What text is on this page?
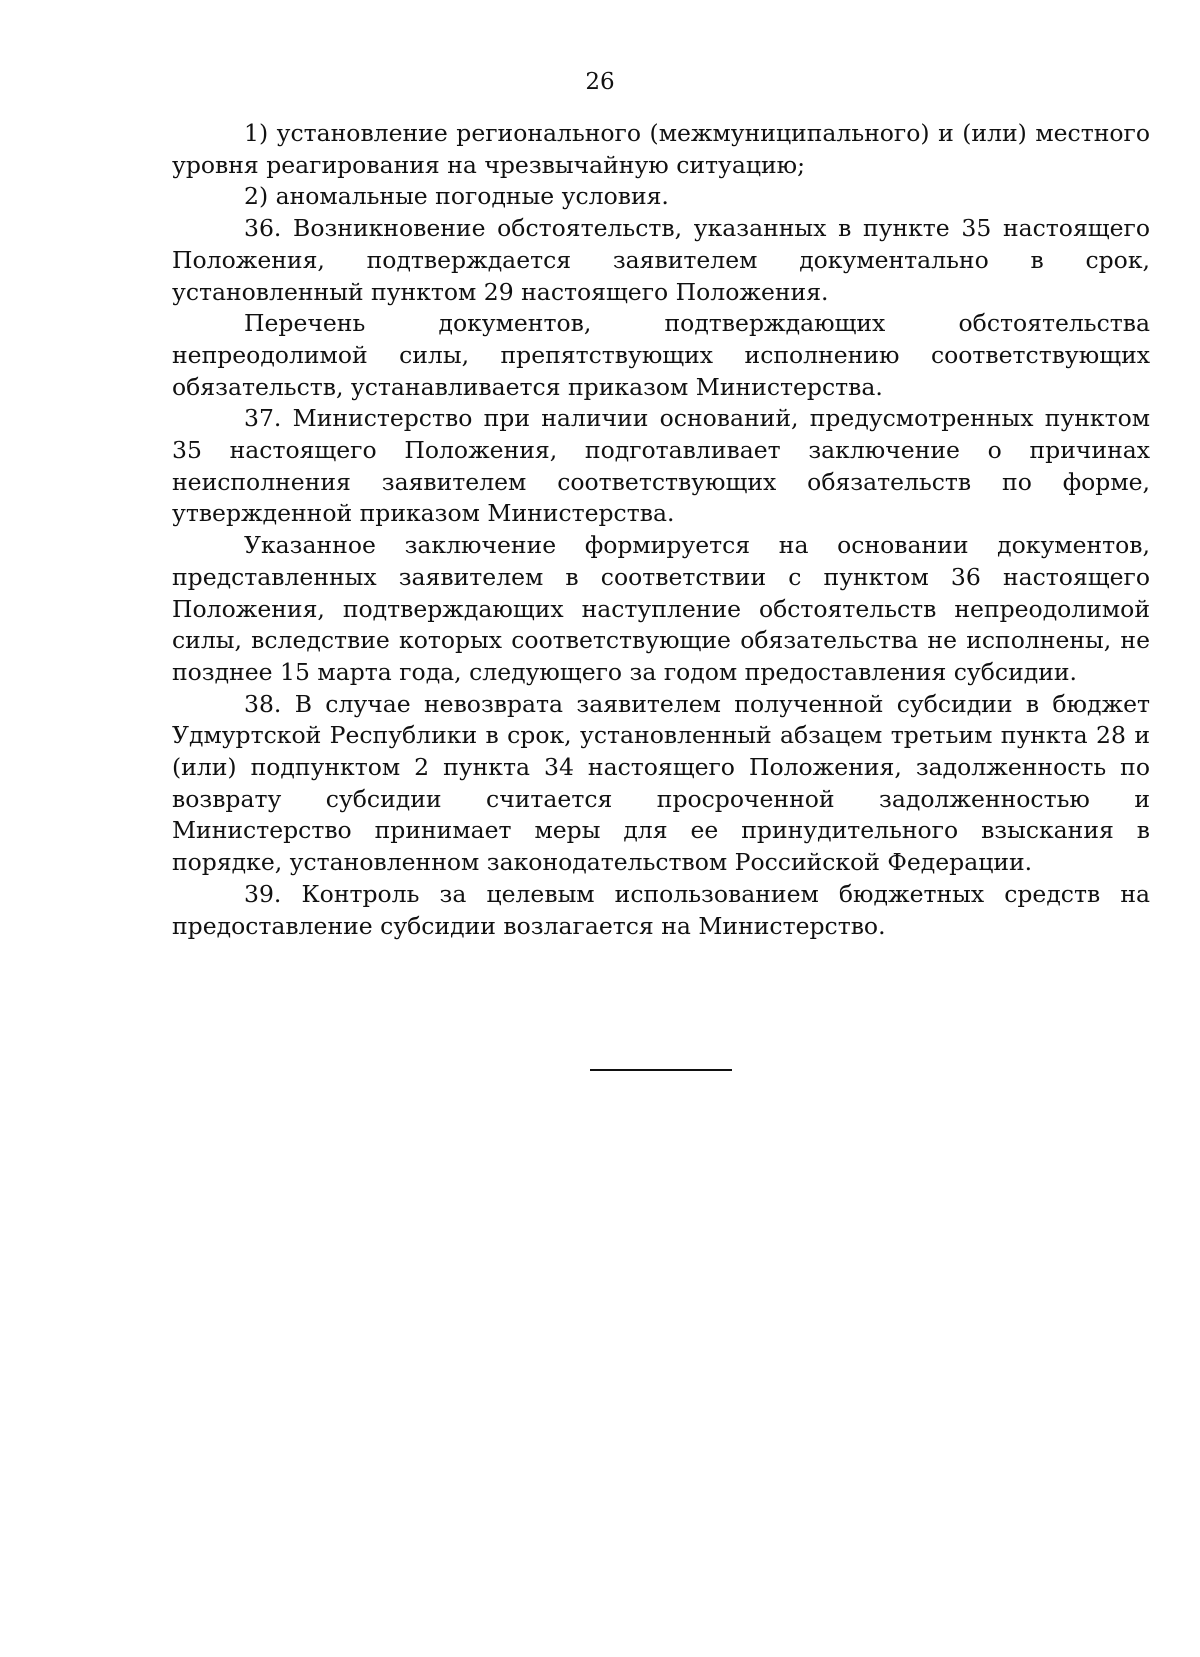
26

1) установление регионального (межмуниципального) и (или) местного уровня реагирования на чрезвычайную ситуацию;

2) аномальные погодные условия.

36. Возникновение обстоятельств, указанных в пункте 35 настоящего Положения, подтверждается заявителем документально в срок, установленный пунктом 29 настоящего Положения.

Перечень документов, подтверждающих обстоятельства непреодолимой силы, препятствующих исполнению соответствующих обязательств, устанавливается приказом Министерства.

37. Министерство при наличии оснований, предусмотренных пунктом 35 настоящего Положения, подготавливает заключение о причинах неисполнения заявителем соответствующих обязательств по форме, утвержденной приказом Министерства.

Указанное заключение формируется на основании документов, представленных заявителем в соответствии с пунктом 36 настоящего Положения, подтверждающих наступление обстоятельств непреодолимой силы, вследствие которых соответствующие обязательства не исполнены, не позднее 15 марта года, следующего за годом предоставления субсидии.

38. В случае невозврата заявителем полученной субсидии в бюджет Удмуртской Республики в срок, установленный абзацем третьим пункта 28 и (или) подпунктом 2 пункта 34 настоящего Положения, задолженность по возврату субсидии считается просроченной задолженностью и Министерство принимает меры для ее принудительного взыскания в порядке, установленном законодательством Российской Федерации.

39. Контроль за целевым использованием бюджетных средств на предоставление субсидии возлагается на Министерство.
